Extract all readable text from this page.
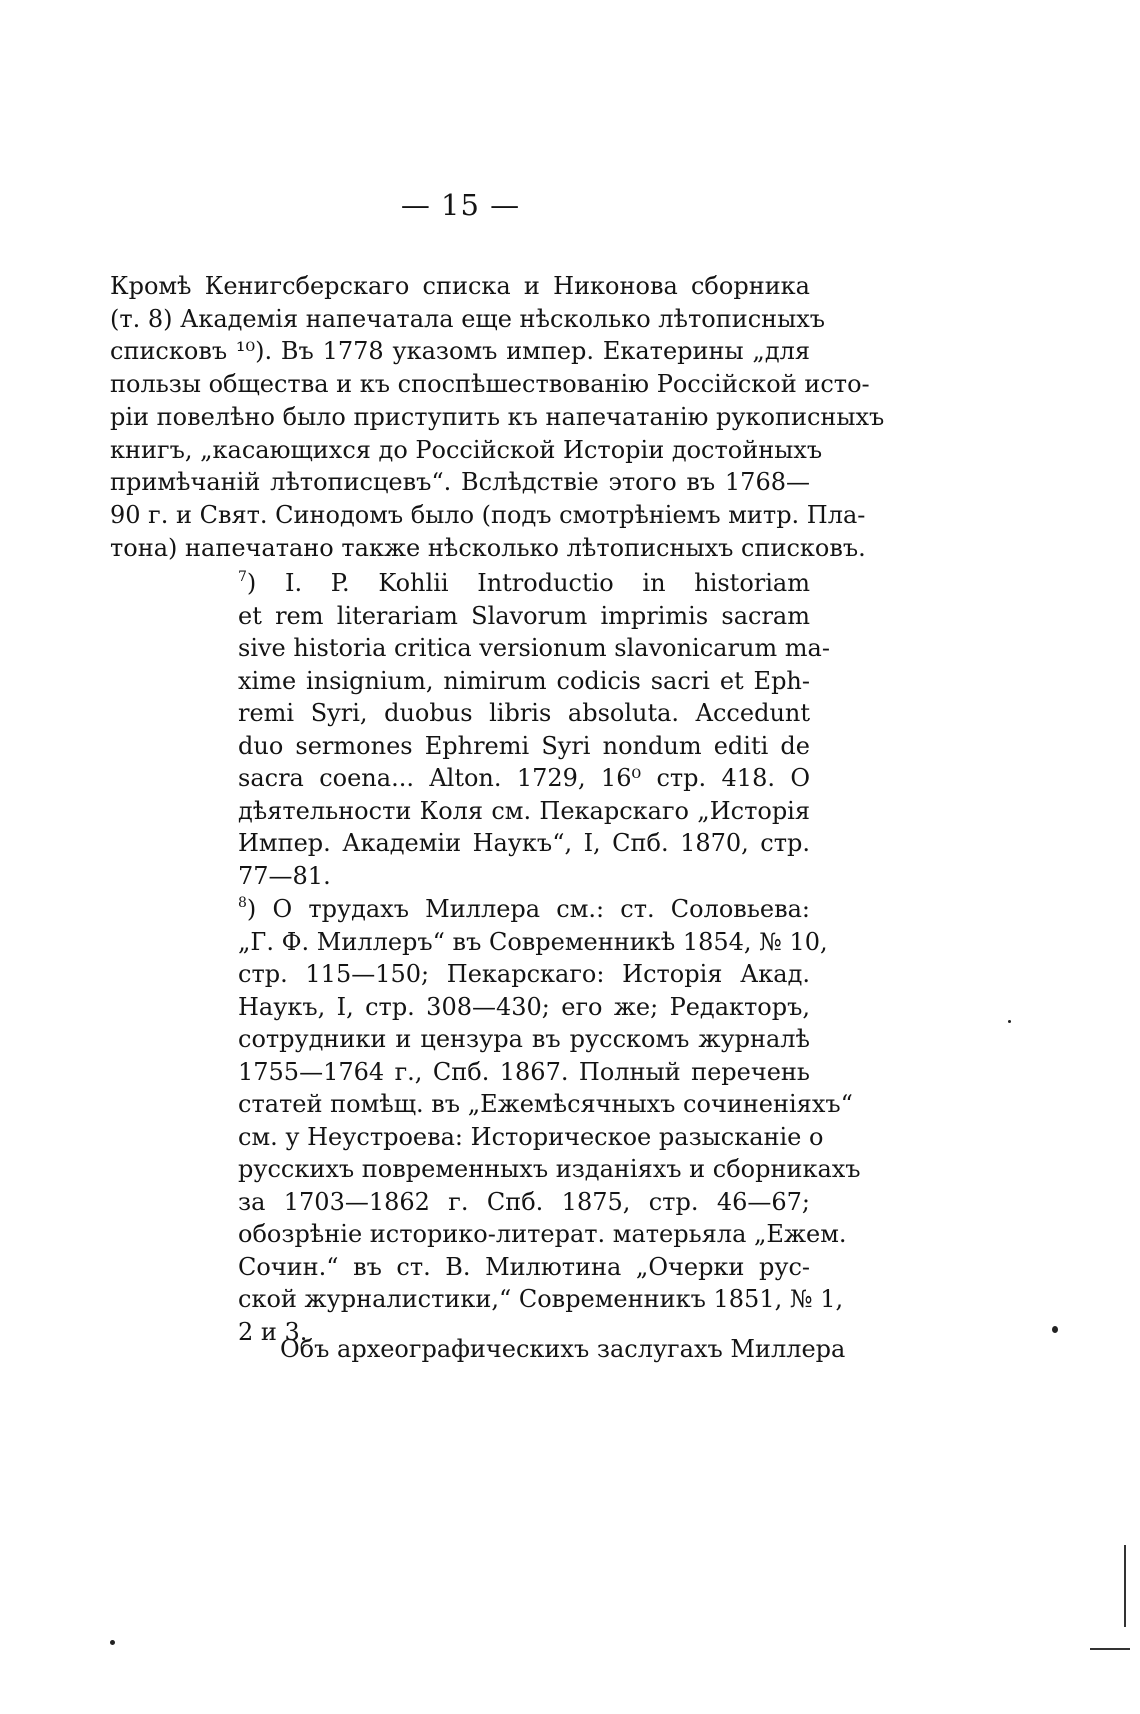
— 15 —
Кромѣ Кенигсберскаго списка и Никонова сборника
(т. 8) Академія напечатала еще нѣсколько лѣтописныхъ
списковъ ¹⁰). Въ 1778 указомъ импер. Екатерины „для
пользы общества и къ споспѣшествованію Россійской исто-
ріи повелѣно было приступить къ напечатанію рукописныхъ
книгъ, „касающихся до Россійской Исторіи достойныхъ
примѣчаній лѣтописцевъ“. Вслѣдствіе этого въ 1768—
90 г. и Свят. Синодомъ было (подъ смотрѣніемъ митр. Пла-
тона) напечатано также нѣсколько лѣтописныхъ списковъ.
$^7$) I. P. Kohlii Introductio in historiam
et rem literariam Slavorum imprimis sacram
sive historia critica versionum slavonicarum ma-
xime insignium, nimirum codicis sacri et Eph-
remi Syri, duobus libris absoluta. Accedunt
duo sermones Ephremi Syri nondum editi de
sacra coena... Alton. 1729, 16⁰ стр. 418. О
дѣятельности Коля см. Пекарскаго „Исторія
Импер. Академіи Наукъ“, I, Спб. 1870, стр.
77—81.
$^8$) О трудахъ Миллера см.: ст. Соловьева:
„Г. Ф. Миллеръ“ въ Современникѣ 1854, № 10,
стр. 115—150; Пекарскаго: Исторія Акад.
Наукъ, I, стр. 308—430; его же; Редакторъ,
сотрудники и цензура въ русскомъ журналѣ
1755—1764 г., Спб. 1867. Полный перечень
статей помѣщ. въ „Ежемѣсячныхъ сочиненіяхъ“
см. у Неустроева: Историческое разысканіе о
русскихъ повременныхъ изданіяхъ и сборникахъ
за 1703—1862 г. Спб. 1875, стр. 46—67;
обозрѣніе историко-литерат. матерьяла „Ежем.
Сочин.“ въ ст. В. Милютина „Очерки рус-
ской журналистики,“ Современникъ 1851, № 1,
2 и 3.
Объ археографическихъ заслугахъ Миллера
